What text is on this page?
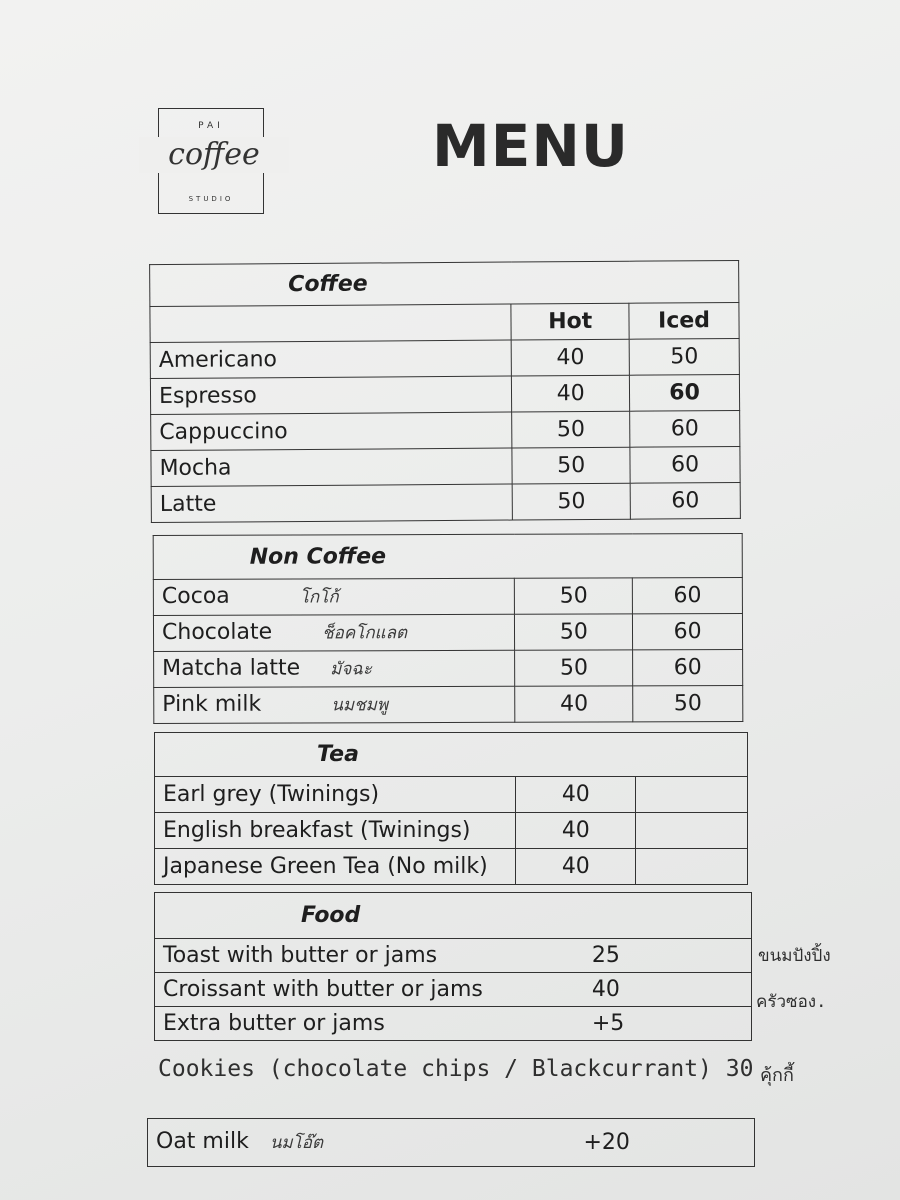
PAI
coffee
STUDIO
MENU
Coffee		
	Hot	Iced
Americano	40	50
Espresso	40	60
Cappuccino	50	60
Mocha	50	60
Latte	50	60
Non Coffee		
Cocoa โกโก้	50	60
Chocolate ช็อคโกแลต	50	60
Matcha latte มัจฉะ	50	60
Pink milk นมชมพู	40	50
Tea		
Earl grey (Twinings)	40	
English breakfast (Twinings)	40	
Japanese Green Tea (No milk)	40	
Food	
Toast with butter or jams	25
Croissant with butter or jams	40
Extra butter or jams	+5
ขนมปังปิ้ง
ครัวซอง.
Cookies (chocolate chips / Blackcurrant) 30 คุ้กกี้
Oat milk นมโอ๊ต	+20
